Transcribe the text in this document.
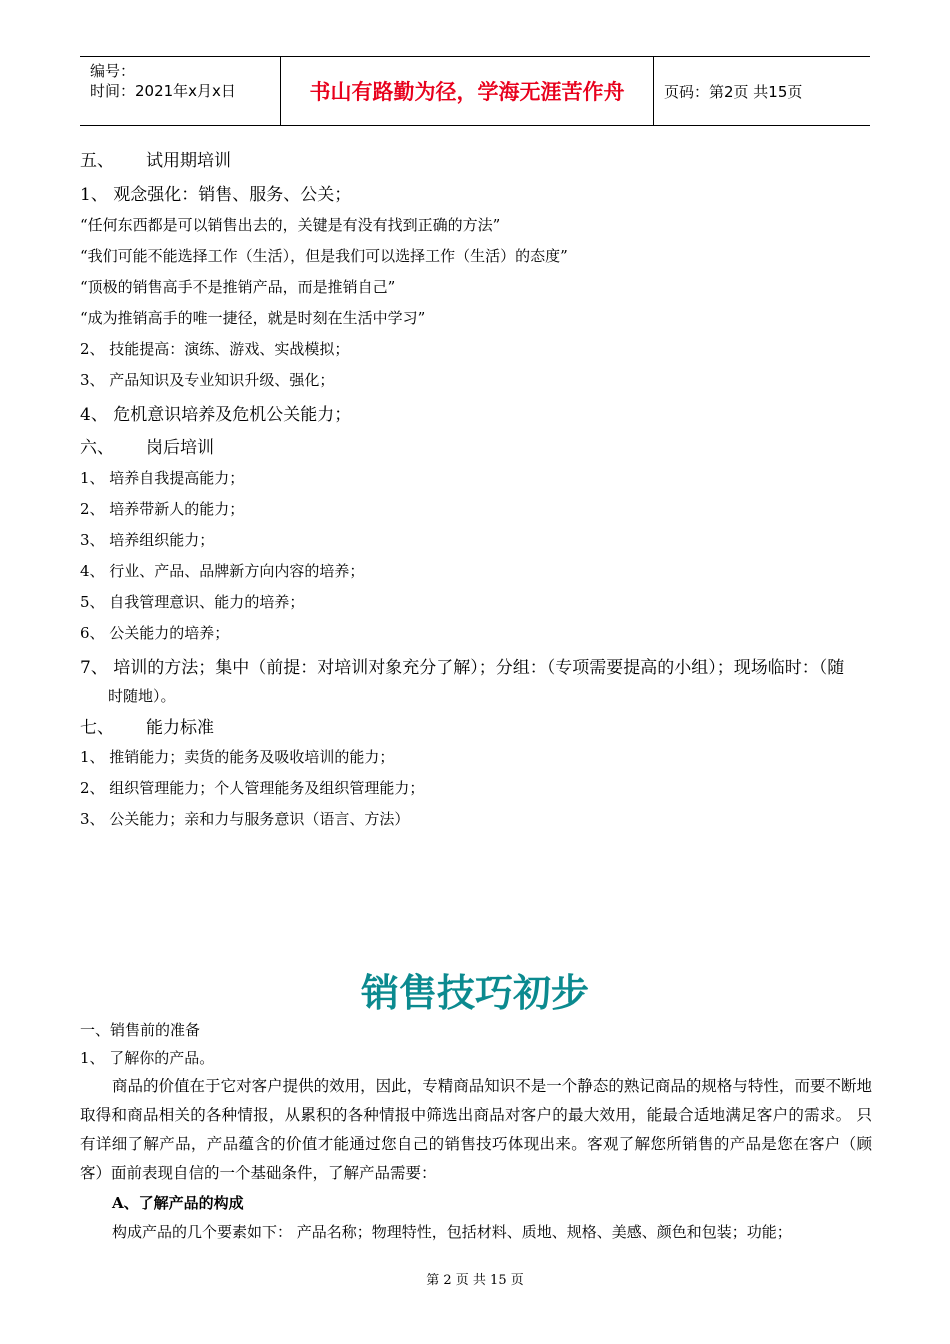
编号：
时间：2021年x月x日	书山有路勤为径，学海无涯苦作舟	页码：第2页 共15页
五、 试用期培训
1、 观念强化：销售、服务、公关；
“任何东西都是可以销售出去的，关键是有没有找到正确的方法”
“我们可能不能选择工作（生活），但是我们可以选择工作（生活）的态度”
“顶极的销售高手不是推销产品，而是推销自己”
“成为推销高手的唯一捷径，就是时刻在生活中学习”
2、 技能提高：演练、游戏、实战模拟；
3、 产品知识及专业知识升级、强化；
4、 危机意识培养及危机公关能力；
六、 岗后培训
1、 培养自我提高能力；
2、 培养带新人的能力；
3、 培养组织能力；
4、 行业、产品、品牌新方向内容的培养；
5、 自我管理意识、能力的培养；
6、 公关能力的培养；
7、 培训的方法；集中（前提：对培训对象充分了解）；分组：（专项需要提高的小组）；现场临时：（随
时随地）。
七、 能力标准
1、 推销能力；卖货的能务及吸收培训的能力；
2、 组织管理能力；个人管理能务及组织管理能力；
3、 公关能力；亲和力与服务意识（语言、方法）
销售技巧初步
一、销售前的准备
1、 了解你的产品。
商品的价值在于它对客户提供的效用，因此，专精商品知识不是一个静态的熟记商品的规格与特性，而要不断地取得和商品相关的各种情报，从累积的各种情报中筛选出商品对客户的最大效用，能最合适地满足客户的需求。 只有详细了解产品，产品蕴含的价值才能通过您自己的销售技巧体现出来。客观了解您所销售的产品是您在客户（顾客）面前表现自信的一个基础条件，了解产品需要：
A、了解产品的构成
构成产品的几个要素如下： 产品名称；物理特性，包括材料、质地、规格、美感、颜色和包装；功能；
第 2 页 共 15 页
